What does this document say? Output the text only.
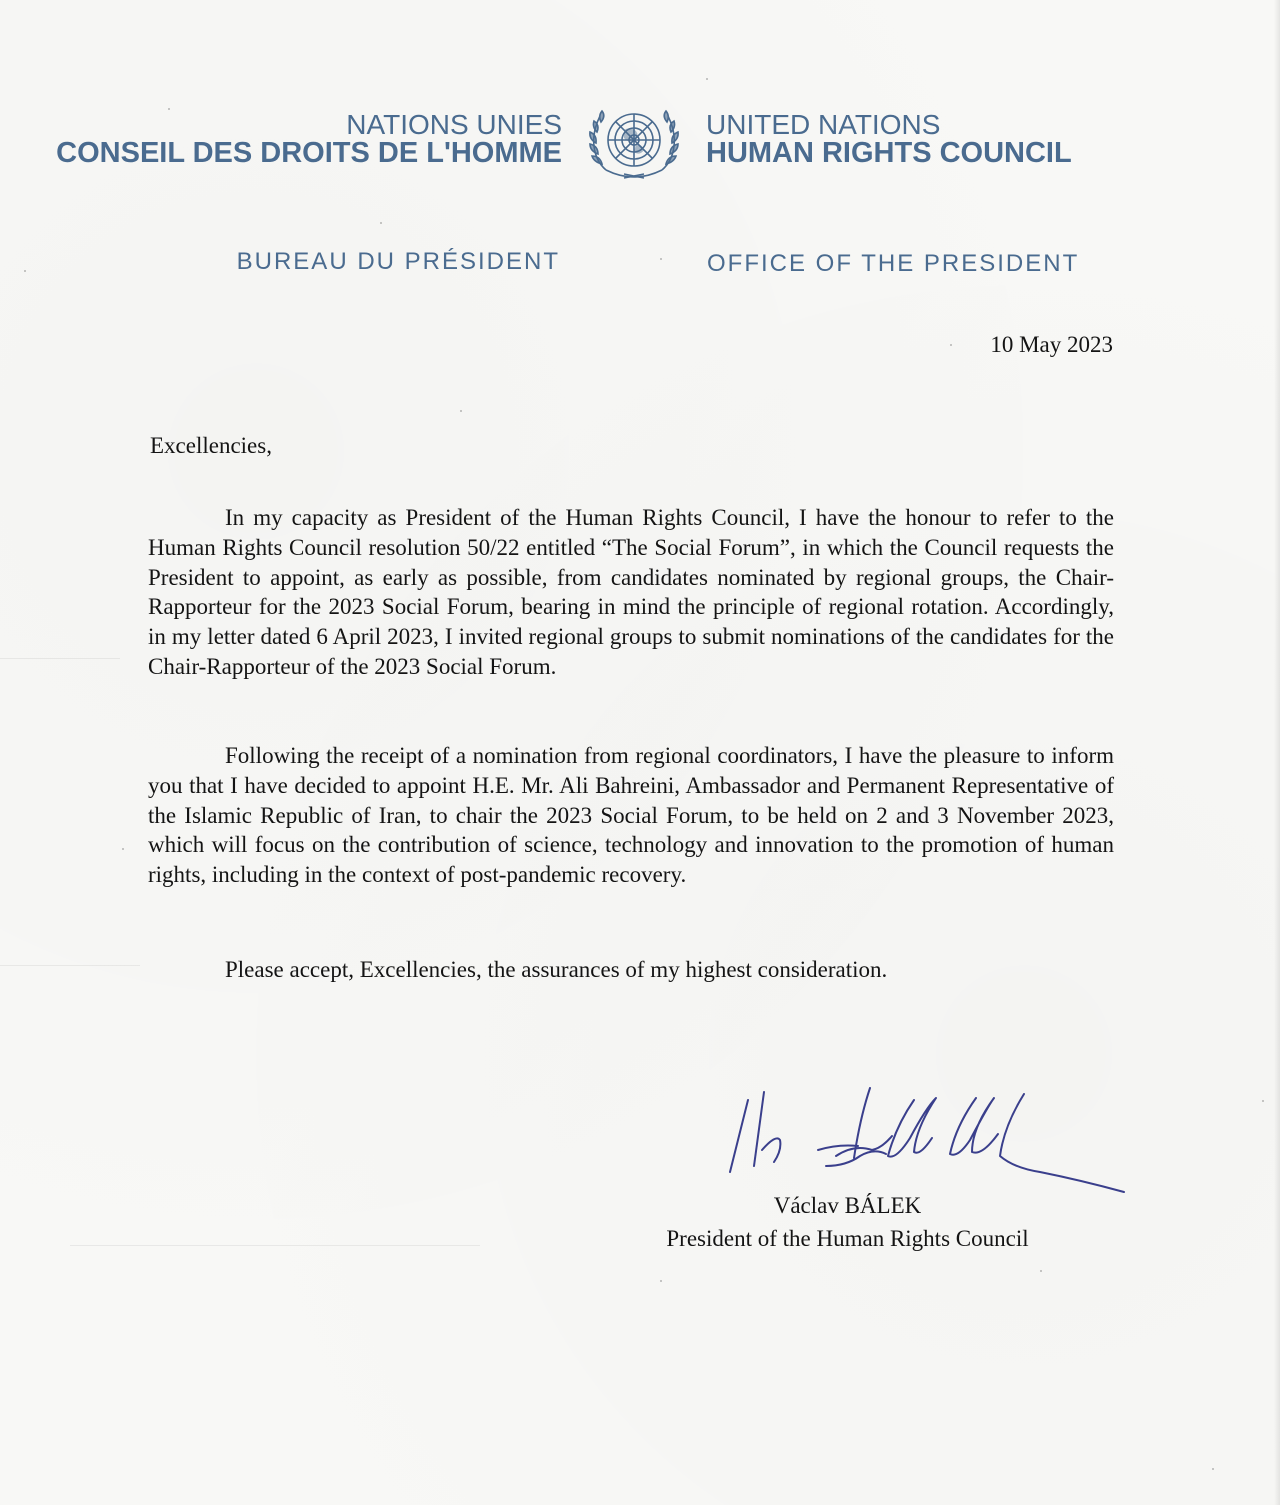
NATIONS UNIES
CONSEIL DES DROITS DE L'HOMME
UNITED NATIONS
HUMAN RIGHTS COUNCIL
BUREAU DU PRÉSIDENT	OFFICE OF THE PRESIDENT
10 May 2023
Excellencies,

In my capacity as President of the Human Rights Council, I have the honour to refer to the Human Rights Council resolution 50/22 entitled “The Social Forum”, in which the Council requests the President to appoint, as early as possible, from candidates nominated by regional groups, the Chair-Rapporteur for the 2023 Social Forum, bearing in mind the principle of regional rotation. Accordingly, in my letter dated 6 April 2023, I invited regional groups to submit nominations of the candidates for the Chair-Rapporteur of the 2023 Social Forum.

Following the receipt of a nomination from regional coordinators, I have the pleasure to inform you that I have decided to appoint H.E. Mr. Ali Bahreini, Ambassador and Permanent Representative of the Islamic Republic of Iran, to chair the 2023 Social Forum, to be held on 2 and 3 November 2023, which will focus on the contribution of science, technology and innovation to the promotion of human rights, including in the context of post-pandemic recovery.

Please accept, Excellencies, the assurances of my highest consideration.

Václav BÁLEK
President of the Human Rights Council
